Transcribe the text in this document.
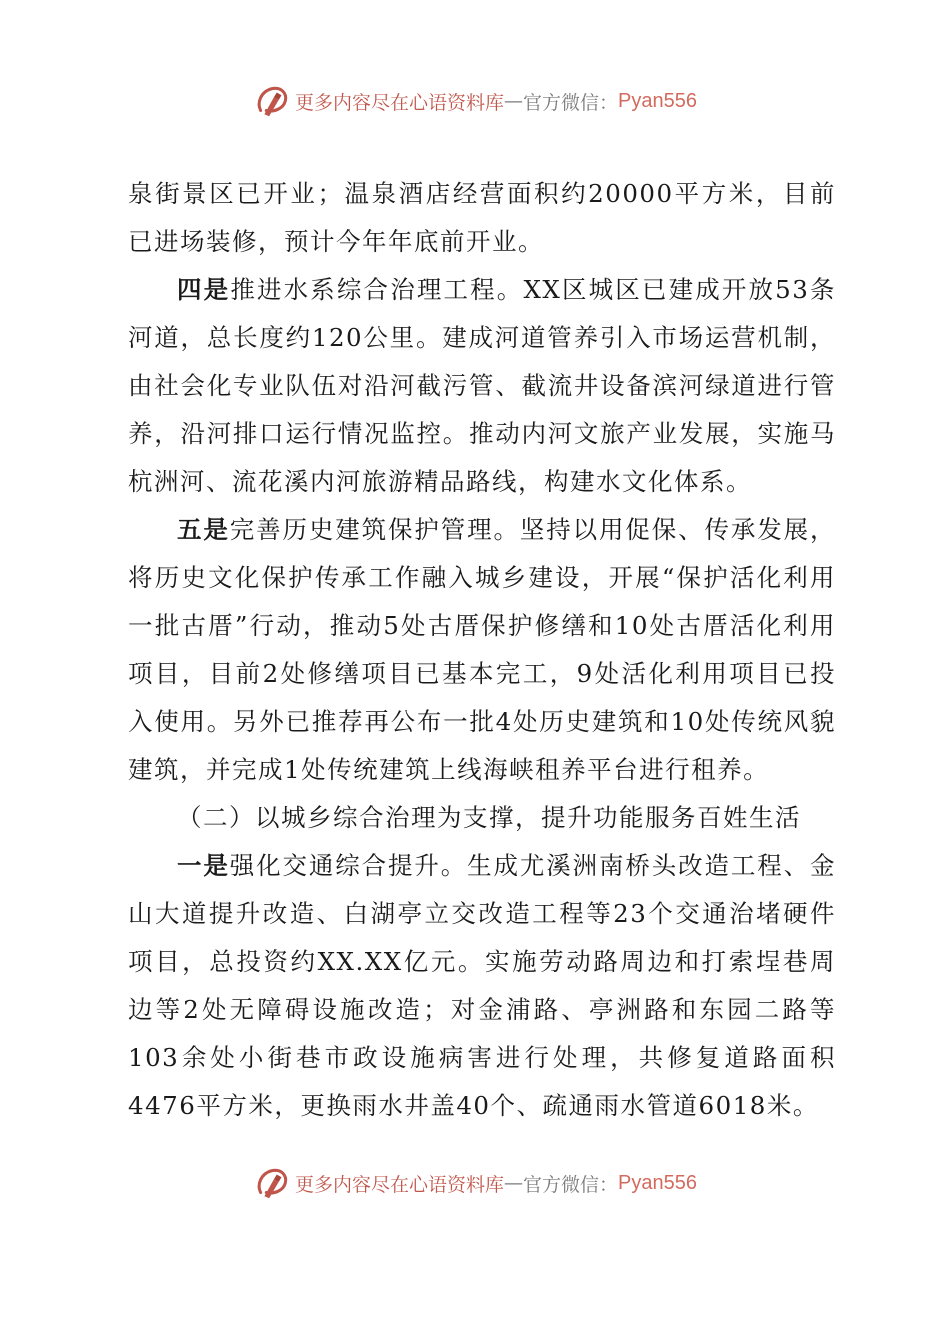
更多内容尽在心语资料库 — 官方微信： Pyan556

泉街景区已开业；温泉酒店经营面积约20000平方米，目前已进场装修，预计今年年底前开业。

四是推进水系综合治理工程。XX区城区已建成开放53条河道，总长度约120公里。建成河道管养引入市场运营机制，由社会化专业队伍对沿河截污管、截流井设备滨河绿道进行管养，沿河排口运行情况监控。推动内河文旅产业发展，实施马杭洲河、流花溪内河旅游精品路线，构建水文化体系。

五是完善历史建筑保护管理。坚持以用促保、传承发展，将历史文化保护传承工作融入城乡建设，开展“保护活化利用一批古厝”行动，推动5处古厝保护修缮和10处古厝活化利用项目，目前2处修缮项目已基本完工，9处活化利用项目已投入使用。另外已推荐再公布一批4处历史建筑和10处传统风貌建筑，并完成1处传统建筑上线海峡租养平台进行租养。

（二）以城乡综合治理为支撑，提升功能服务百姓生活

一是强化交通综合提升。生成尤溪洲南桥头改造工程、金山大道提升改造、白湖亭立交改造工程等23个交通治堵硬件项目，总投资约XX.XX亿元。实施劳动路周边和打索埕巷周边等2处无障碍设施改造；对金浦路、亭洲路和东园二路等103余处小街巷市政设施病害进行处理，共修复道路面积4476平方米，更换雨水井盖40个、疏通雨水管道6018米。

更多内容尽在心语资料库 — 官方微信： Pyan556
